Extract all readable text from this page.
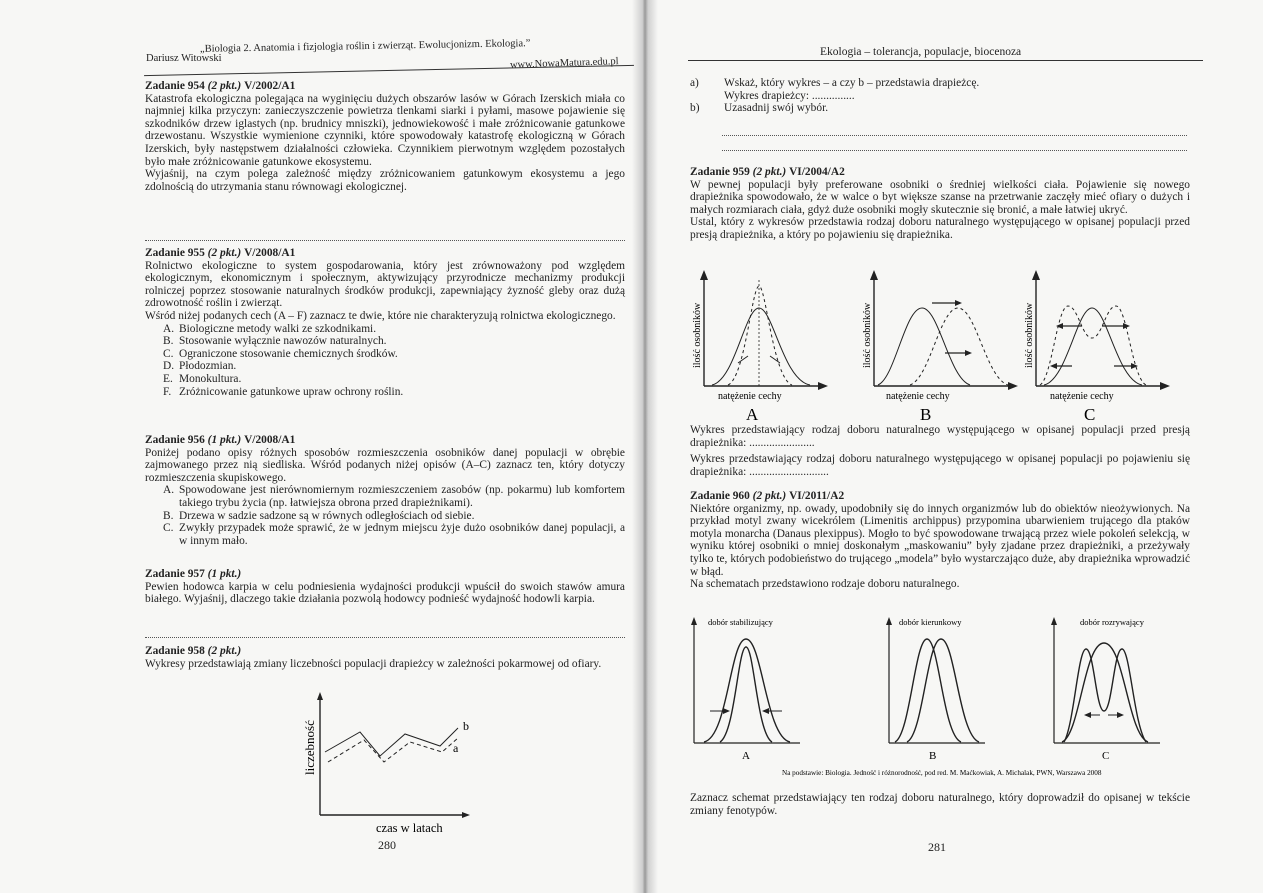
„Biologia 2. Anatomia i fizjologia roślin i zwierząt. Ewolucjonizm. Ekologia.”
Dariusz Witowski	www.NowaMatura.edu.pl

Zadanie 954 (2 pkt.) V/2002/A1

Katastrofa ekologiczna polegająca na wyginięciu dużych obszarów lasów w Górach Izerskich miała co najmniej kilka przyczyn: zanieczyszczenie powietrza tlenkami siarki i pyłami, masowe pojawienie się szkodników drzew iglastych (np. brudnicy mniszki), jednowiekowość i małe zróżnicowanie gatunkowe drzewostanu. Wszystkie wymienione czynniki, które spowodowały katastrofę ekologiczną w Górach Izerskich, były następstwem działalności człowieka. Czynnikiem pierwotnym względem pozostałych było małe zróżnicowanie gatunkowe ekosystemu.

Wyjaśnij, na czym polega zależność między zróżnicowaniem gatunkowym ekosystemu a jego zdolnością do utrzymania stanu równowagi ekologicznej.

Zadanie 955 (2 pkt.) V/2008/A1

Rolnictwo ekologiczne to system gospodarowania, który jest zrównoważony pod względem ekologicznym, ekonomicznym i społecznym, aktywizujący przyrodnicze mechanizmy produkcji rolniczej poprzez stosowanie naturalnych środków produkcji, zapewniający żyzność gleby oraz dużą zdrowotność roślin i zwierząt.

Wśród niżej podanych cech (A – F) zaznacz te dwie, które nie charakteryzują rolnictwa ekologicznego.

A. Biologiczne metody walki ze szkodnikami.
B. Stosowanie wyłącznie nawozów naturalnych.
C. Ograniczone stosowanie chemicznych środków.
D. Płodozmian.
E. Monokultura.
F. Zróżnicowanie gatunkowe upraw ochrony roślin.

Zadanie 956 (1 pkt.) V/2008/A1

Poniżej podano opisy różnych sposobów rozmieszczenia osobników danej populacji w obrębie zajmowanego przez nią siedliska. Wśród podanych niżej opisów (A–C) zaznacz ten, który dotyczy rozmieszczenia skupiskowego.

A. Spowodowane jest nierównomiernym rozmieszczeniem zasobów (np. pokarmu) lub komfortem takiego trybu życia (np. łatwiejsza obrona przed drapieżnikami).
B. Drzewa w sadzie sadzone są w równych odległościach od siebie.
C. Zwykły przypadek może sprawić, że w jednym miejscu żyje dużo osobników danej populacji, a w innym mało.

Zadanie 957 (1 pkt.)

Pewien hodowca karpia w celu podniesienia wydajności produkcji wpuścił do swoich stawów amura białego. Wyjaśnij, dlaczego takie działania pozwolą hodowcy podnieść wydajność hodowli karpia.

Zadanie 958 (2 pkt.)

Wykresy przedstawiają zmiany liczebności populacji drapieżcy w zależności pokarmowej od ofiary.

b
a
liczebność
czas w latach
280
Ekologia – tolerancja, populacje, biocenoza
a) Wskaż, który wykres – a czy b – przedstawia drapieżcę.
Wykres drapieżcy: ...............
b) Uzasadnij swój wybór.

Zadanie 959 (2 pkt.) VI/2004/A2

W pewnej populacji były preferowane osobniki o średniej wielkości ciała. Pojawienie się nowego drapieżnika spowodowało, że w walce o byt większe szanse na przetrwanie zaczęły mieć ofiary o dużych i małych rozmiarach ciała, gdyż duże osobniki mogły skutecznie się bronić, a małe łatwiej ukryć.

Ustal, który z wykresów przedstawia rodzaj doboru naturalnego występującego w opisanej populacji przed presją drapieżnika, a który po pojawieniu się drapieżnika.

ilość osobników
natężenie cechy
A
ilość osobników
natężenie cechy
B
ilość osobników
natężenie cechy
C

Wykres przedstawiający rodzaj doboru naturalnego występującego w opisanej populacji przed presją drapieżnika: .......................

Wykres przedstawiający rodzaj doboru naturalnego występującego w opisanej populacji po pojawieniu się drapieżnika: ............................

Zadanie 960 (2 pkt.) VI/2011/A2

Niektóre organizmy, np. owady, upodobniły się do innych organizmów lub do obiektów nieożywionych. Na przykład motyl zwany wicekrólem (Limenitis archippus) przypomina ubarwieniem trującego dla ptaków motyla monarcha (Danaus plexippus). Mogło to być spowodowane trwającą przez wiele pokoleń selekcją, w wyniku której osobniki o mniej doskonałym „maskowaniu” były zjadane przez drapieżniki, a przeżywały tylko te, których podobieństwo do trującego „modela” było wystarczająco duże, aby drapieżnika wprowadzić w błąd.

Na schematach przedstawiono rodzaje doboru naturalnego.

dobór stabilizujący
A
dobór kierunkowy
B
dobór rozrywający
C
Na podstawie: Biologia. Jedność i różnorodność, pod red. M. Maćkowiak, A. Michalak, PWN, Warszawa 2008

Zaznacz schemat przedstawiający ten rodzaj doboru naturalnego, który doprowadził do opisanej w tekście zmiany fenotypów.

281
